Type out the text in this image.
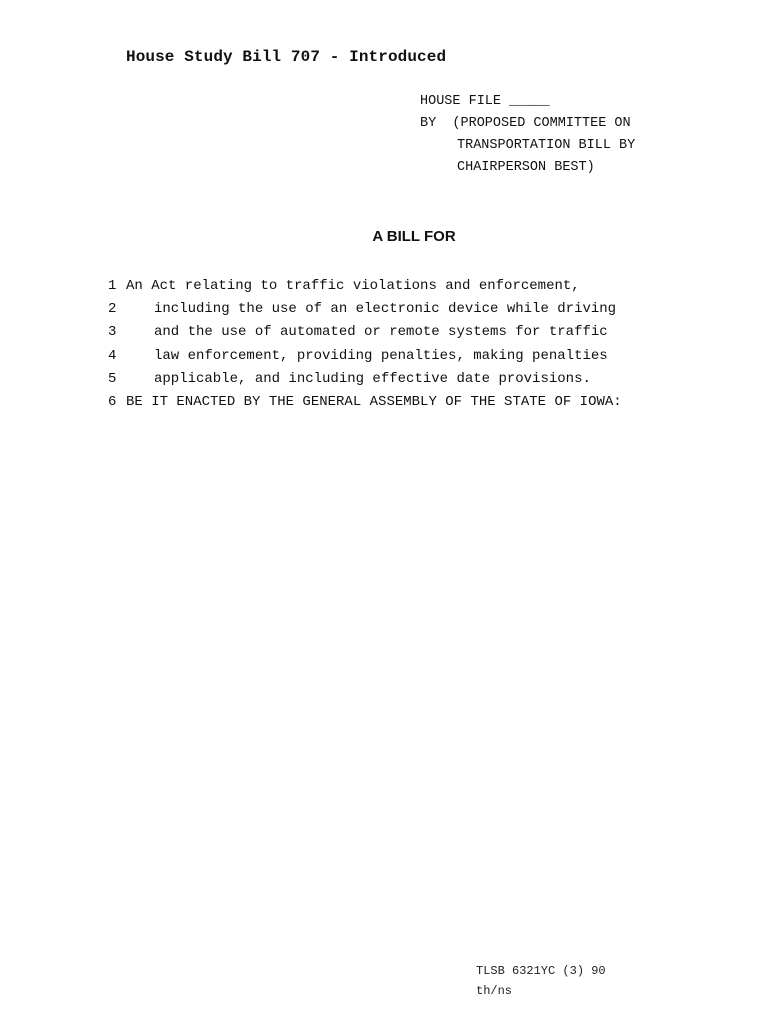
House Study Bill 707 - Introduced
HOUSE FILE _____
BY  (PROPOSED COMMITTEE ON
TRANSPORTATION BILL BY
CHAIRPERSON BEST)
A BILL FOR
1 An Act relating to traffic violations and enforcement,
2	including the use of an electronic device while driving
3	and the use of automated or remote systems for traffic
4	law enforcement, providing penalties, making penalties
5	applicable, and including effective date provisions.
6 BE IT ENACTED BY THE GENERAL ASSEMBLY OF THE STATE OF IOWA:
TLSB 6321YC (3) 90
th/ns
